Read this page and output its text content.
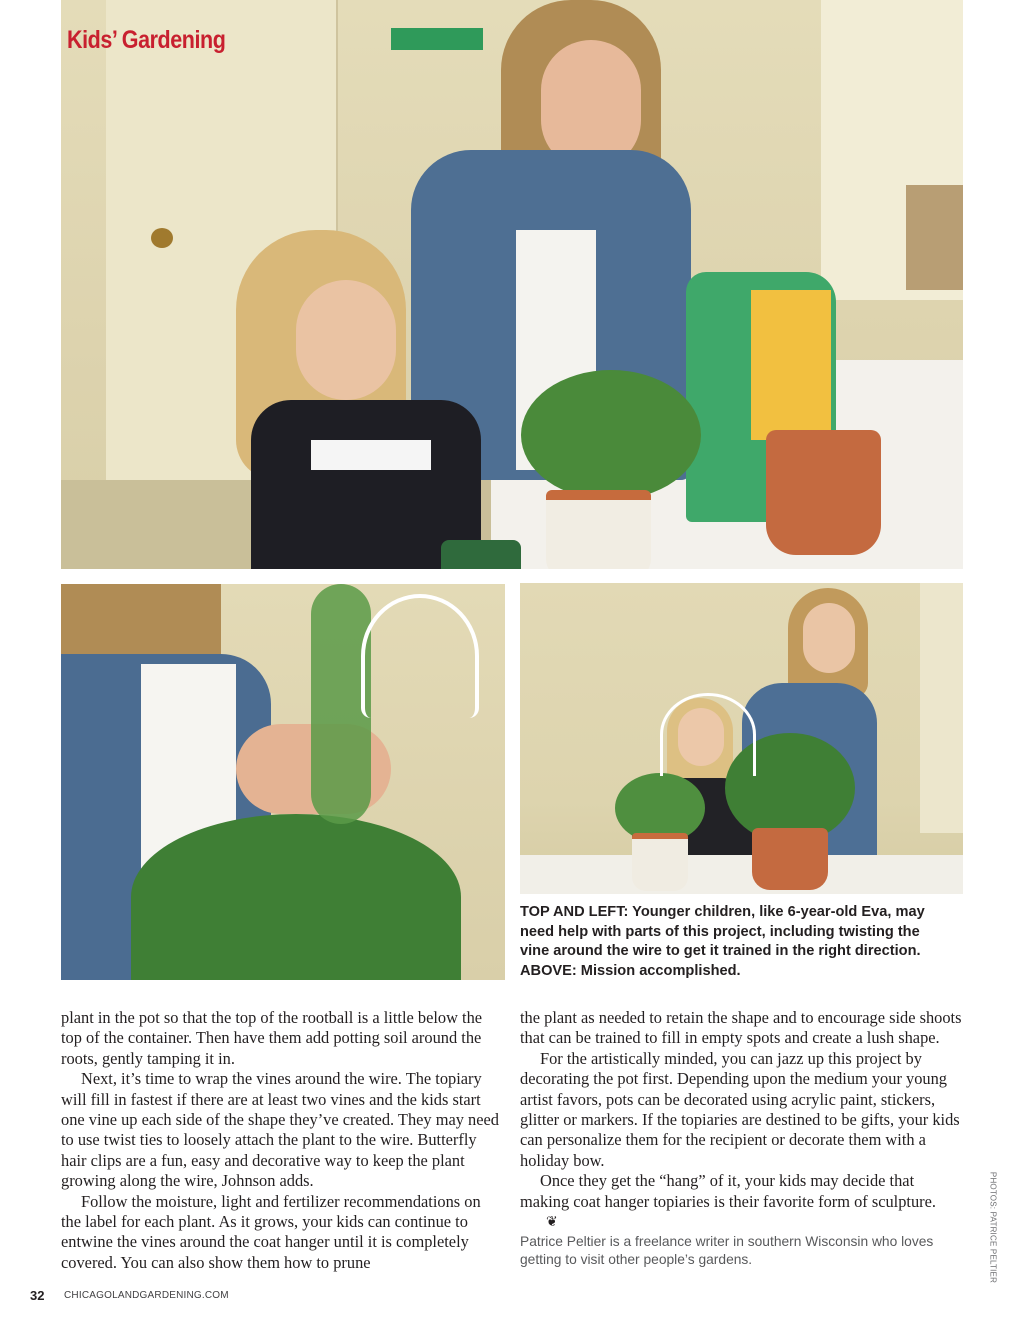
Kids’ Gardening

TOP AND LEFT: Younger children, like 6-year-old Eva, may

need help with parts of this project, including twisting the

vine around the wire to get it trained in the right direction.

ABOVE: Mission accomplished.

plant in the pot so that the top of the rootball is a little below the top of the container. Then have them add potting soil around the roots, gently tamping it in.

Next, it’s time to wrap the vines around the wire. The topiary will fill in fastest if there are at least two vines and the kids start one vine up each side of the shape they’ve created. They may need to use twist ties to loosely attach the plant to the wire. Butterfly hair clips are a fun, easy and decorative way to keep the plant growing along the wire, Johnson adds.

Follow the moisture, light and fertilizer recommendations on the label for each plant. As it grows, your kids can continue to entwine the vines around the coat hanger until it is completely covered. You can also show them how to prune

the plant as needed to retain the shape and to encourage side shoots that can be trained to fill in empty spots and create a lush shape.

For the artistically minded, you can jazz up this project by decorating the pot first. Depending upon the medium your young artist favors, pots can be decorated using acrylic paint, stickers, glitter or markers. If the topiaries are destined to be gifts, your kids can personalize them for the recipient or decorate them with a holiday bow.

Once they get the “hang” of it, your kids may decide that making coat hanger topiaries is their favorite form of sculpture.❦

Patrice Peltier is a freelance writer in southern Wisconsin who loves getting to visit other people’s gardens.

32 CHICAGOLANDGARDENING.COM

PHOTOS: PATRICE PELTIER
